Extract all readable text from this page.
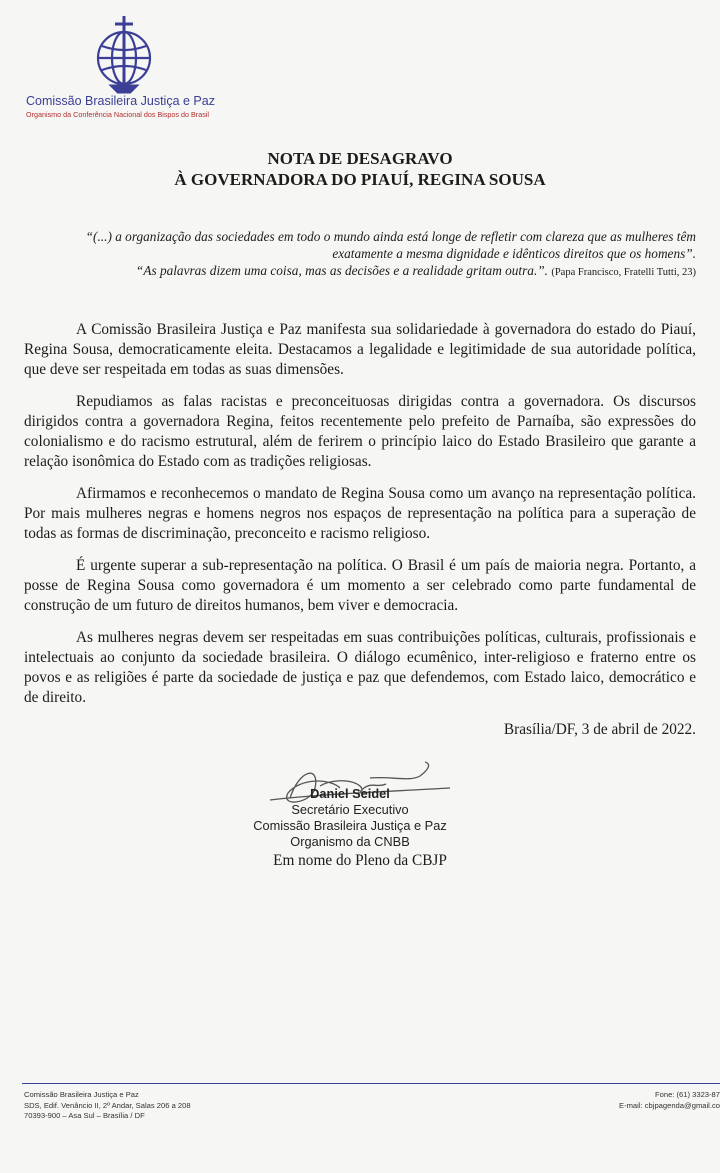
Comissão Brasileira Justiça e Paz
Organismo da Conferência Nacional dos Bispos do Brasil
NOTA DE DESAGRAVO
À GOVERNADORA DO PIAUÍ, REGINA SOUSA
“(...) a organização das sociedades em todo o mundo ainda está longe de refletir com clareza que as mulheres têm exatamente a mesma dignidade e idênticos direitos que os homens”.
“As palavras dizem uma coisa, mas as decisões e a realidade gritam outra.”. (Papa Francisco, Fratelli Tutti, 23)

A Comissão Brasileira Justiça e Paz manifesta sua solidariedade à governadora do estado do Piauí, Regina Sousa, democraticamente eleita. Destacamos a legalidade e legitimidade de sua autoridade política, que deve ser respeitada em todas as suas dimensões.

Repudiamos as falas racistas e preconceituosas dirigidas contra a governadora. Os discursos dirigidos contra a governadora Regina, feitos recentemente pelo prefeito de Parnaíba, são expressões do colonialismo e do racismo estrutural, além de ferirem o princípio laico do Estado Brasileiro que garante a relação isonômica do Estado com as tradições religiosas.

Afirmamos e reconhecemos o mandato de Regina Sousa como um avanço na representação política. Por mais mulheres negras e homens negros nos espaços de representação na política para a superação de todas as formas de discriminação, preconceito e racismo religioso.

É urgente superar a sub-representação na política. O Brasil é um país de maioria negra. Portanto, a posse de Regina Sousa como governadora é um momento a ser celebrado como parte fundamental de construção de um futuro de direitos humanos, bem viver e democracia.

As mulheres negras devem ser respeitadas em suas contribuições políticas, culturais, profissionais e intelectuais ao conjunto da sociedade brasileira. O diálogo ecumênico, inter-religioso e fraterno entre os povos e as religiões é parte da sociedade de justiça e paz que defendemos, com Estado laico, democrático e de direito.

Brasília/DF, 3 de abril de 2022.
Daniel Seidel
Secretário Executivo
Comissão Brasileira Justiça e Paz
Organismo da CNBB
Em nome do Pleno da CBJP
Comissão Brasileira Justiça e Paz
SDS, Edif. Venâncio II, 2º Andar, Salas 206 a 208
70393-900 – Asa Sul – Brasília / DF
Fone: (61) 3323-87
E-mail: cbjpagenda@gmail.co
